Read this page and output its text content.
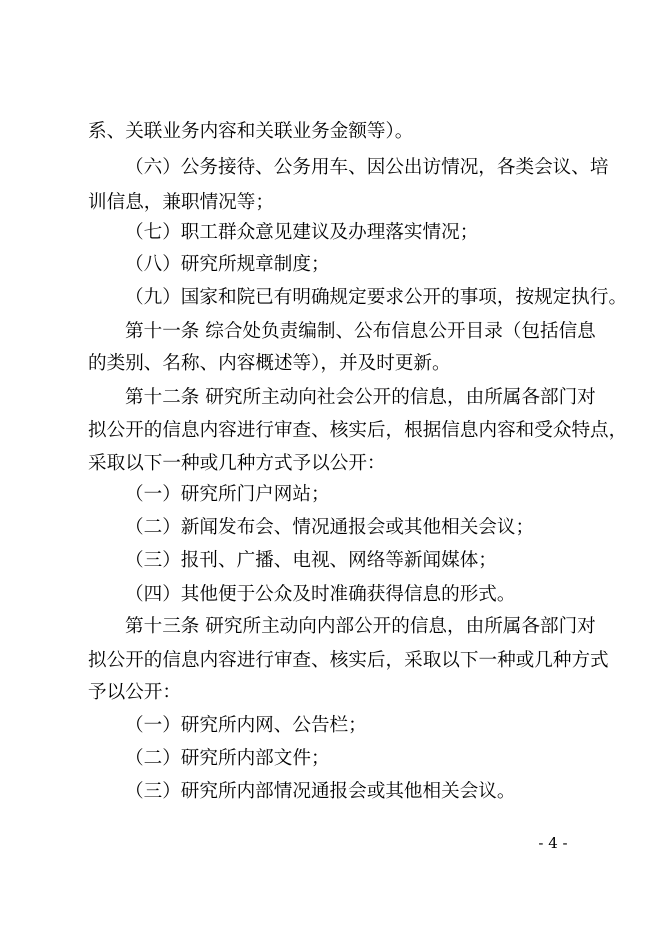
系、关联业务内容和关联业务金额等）。
（六）公务接待、公务用车、因公出访情况，各类会议、培
训信息，兼职情况等；
（七）职工群众意见建议及办理落实情况；
（八）研究所规章制度；
（九）国家和院已有明确规定要求公开的事项，按规定执行。
第十一条 综合处负责编制、公布信息公开目录（包括信息
的类别、名称、内容概述等），并及时更新。
第十二条 研究所主动向社会公开的信息，由所属各部门对
拟公开的信息内容进行审查、核实后，根据信息内容和受众特点，
采取以下一种或几种方式予以公开：
（一）研究所门户网站；
（二）新闻发布会、情况通报会或其他相关会议；
（三）报刊、广播、电视、网络等新闻媒体；
（四）其他便于公众及时准确获得信息的形式。
第十三条 研究所主动向内部公开的信息，由所属各部门对
拟公开的信息内容进行审查、核实后，采取以下一种或几种方式
予以公开：
（一）研究所内网、公告栏；
（二）研究所内部文件；
（三）研究所内部情况通报会或其他相关会议。
- 4 -
